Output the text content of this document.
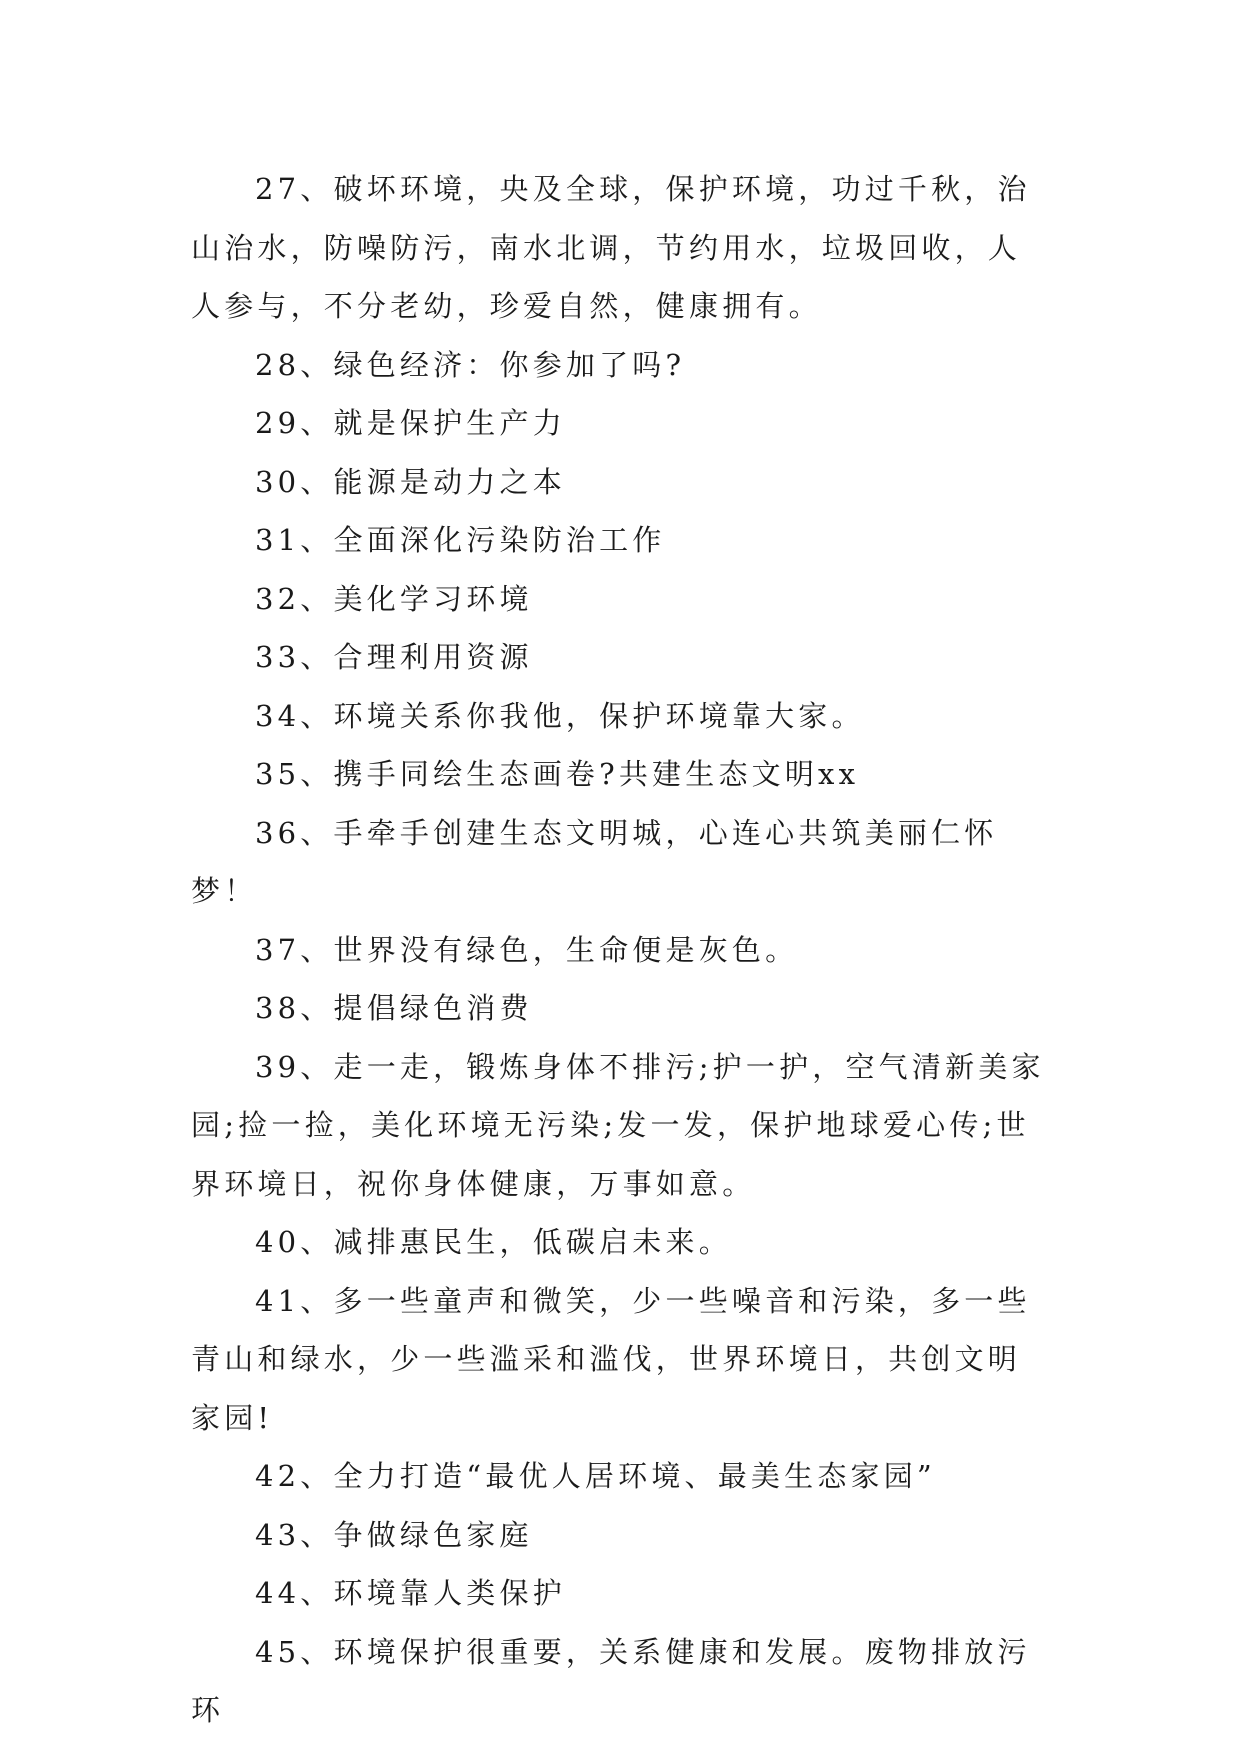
27、破坏环境，央及全球，保护环境，功过千秋，治山治水，防噪防污，南水北调，节约用水，垃圾回收，人人参与，不分老幼，珍爱自然，健康拥有。

28、绿色经济：你参加了吗?

29、就是保护生产力

30、能源是动力之本

31、全面深化污染防治工作

32、美化学习环境

33、合理利用资源

34、环境关系你我他，保护环境靠大家。

35、携手同绘生态画卷?共建生态文明xx

36、手牵手创建生态文明城，心连心共筑美丽仁怀梦！

37、世界没有绿色，生命便是灰色。

38、提倡绿色消费

39、走一走，锻炼身体不排污;护一护，空气清新美家园;捡一捡，美化环境无污染;发一发，保护地球爱心传;世界环境日，祝你身体健康，万事如意。

40、减排惠民生，低碳启未来。

41、多一些童声和微笑，少一些噪音和污染，多一些青山和绿水，少一些滥采和滥伐，世界环境日，共创文明家园!

42、全力打造“最优人居环境、最美生态家园”

43、争做绿色家庭

44、环境靠人类保护

45、环境保护很重要，关系健康和发展。废物排放污环
